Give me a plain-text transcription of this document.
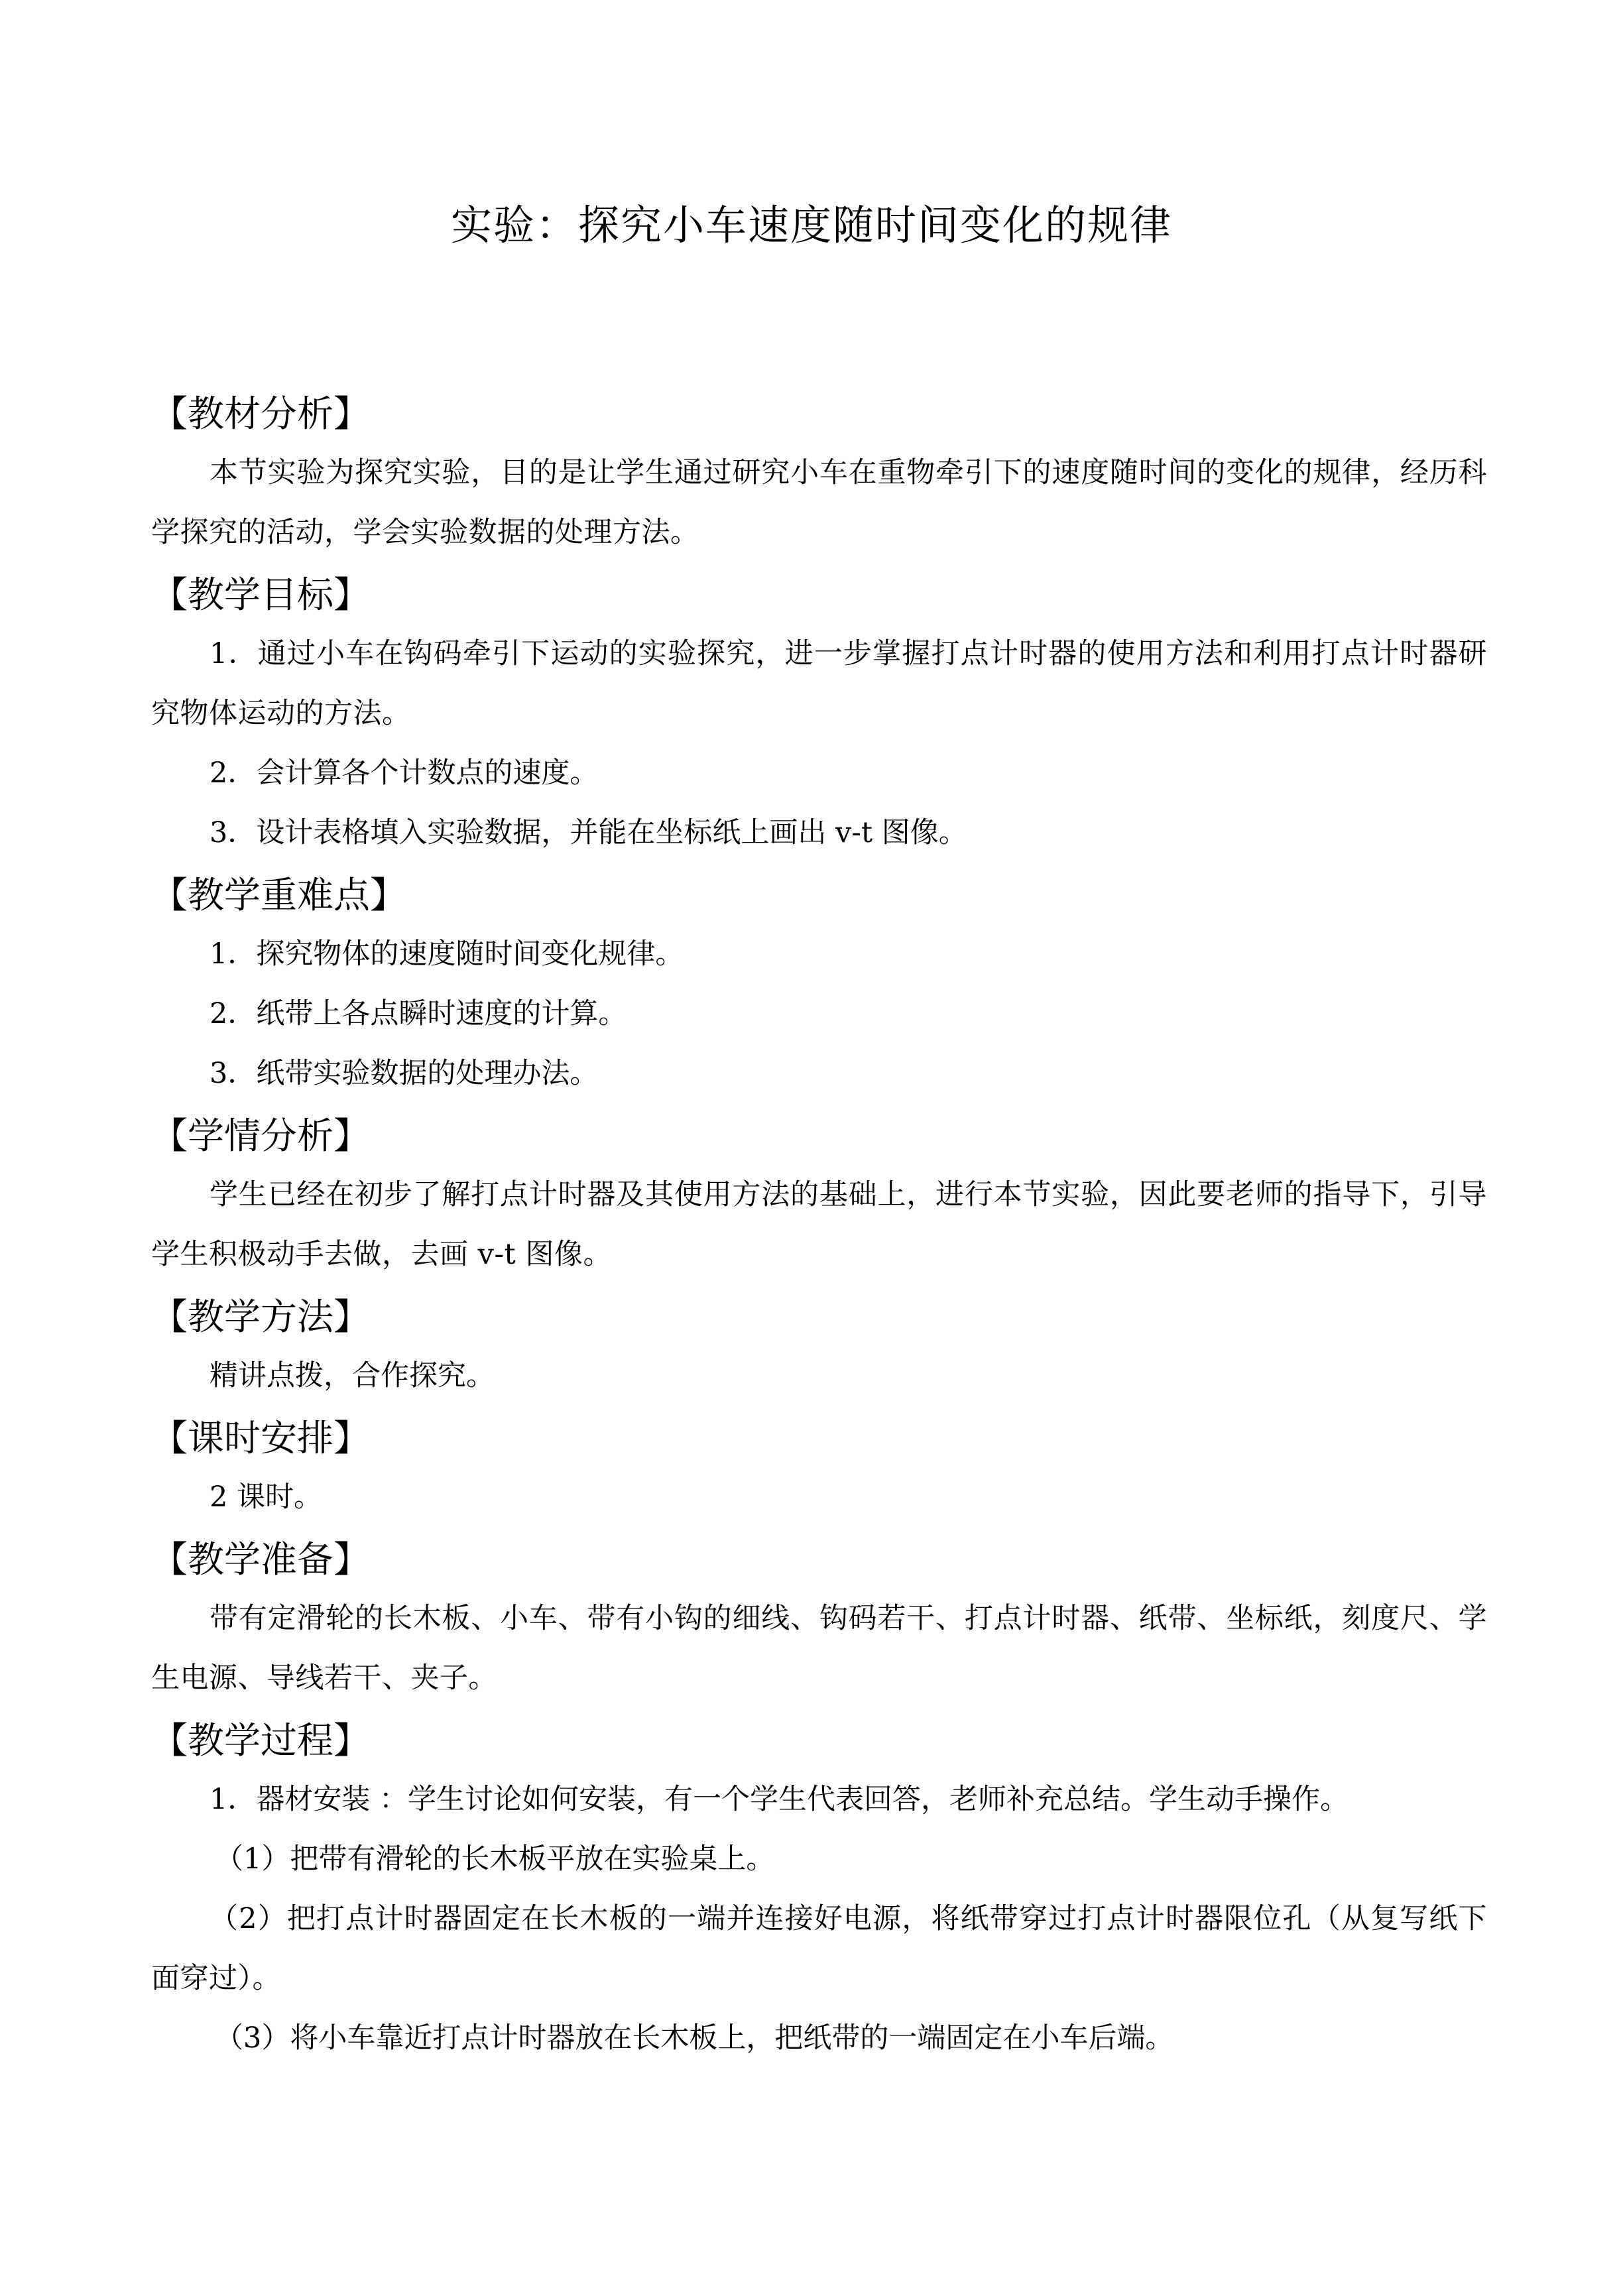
实验：探究小车速度随时间变化的规律
【教材分析】
本节实验为探究实验，目的是让学生通过研究小车在重物牵引下的速度随时间的变化的规律，经历科学探究的活动，学会实验数据的处理方法。
【教学目标】
1．通过小车在钩码牵引下运动的实验探究，进一步掌握打点计时器的使用方法和利用打点计时器研究物体运动的方法。
2．会计算各个计数点的速度。
3．设计表格填入实验数据，并能在坐标纸上画出 v-t 图像。
【教学重难点】
1．探究物体的速度随时间变化规律。
2．纸带上各点瞬时速度的计算。
3．纸带实验数据的处理办法。
【学情分析】
学生已经在初步了解打点计时器及其使用方法的基础上，进行本节实验，因此要老师的指导下，引导学生积极动手去做，去画 v-t 图像。
【教学方法】
精讲点拨，合作探究。
【课时安排】
2 课时。
【教学准备】
带有定滑轮的长木板、小车、带有小钩的细线、钩码若干、打点计时器、纸带、坐标纸，刻度尺、学生电源、导线若干、夹子。
【教学过程】
1．器材安装 ：学生讨论如何安装，有一个学生代表回答，老师补充总结。学生动手操作。
（1）把带有滑轮的长木板平放在实验桌上。
（2）把打点计时器固定在长木板的一端并连接好电源，将纸带穿过打点计时器限位孔（从复写纸下面穿过）。
（3）将小车靠近打点计时器放在长木板上，把纸带的一端固定在小车后端。
